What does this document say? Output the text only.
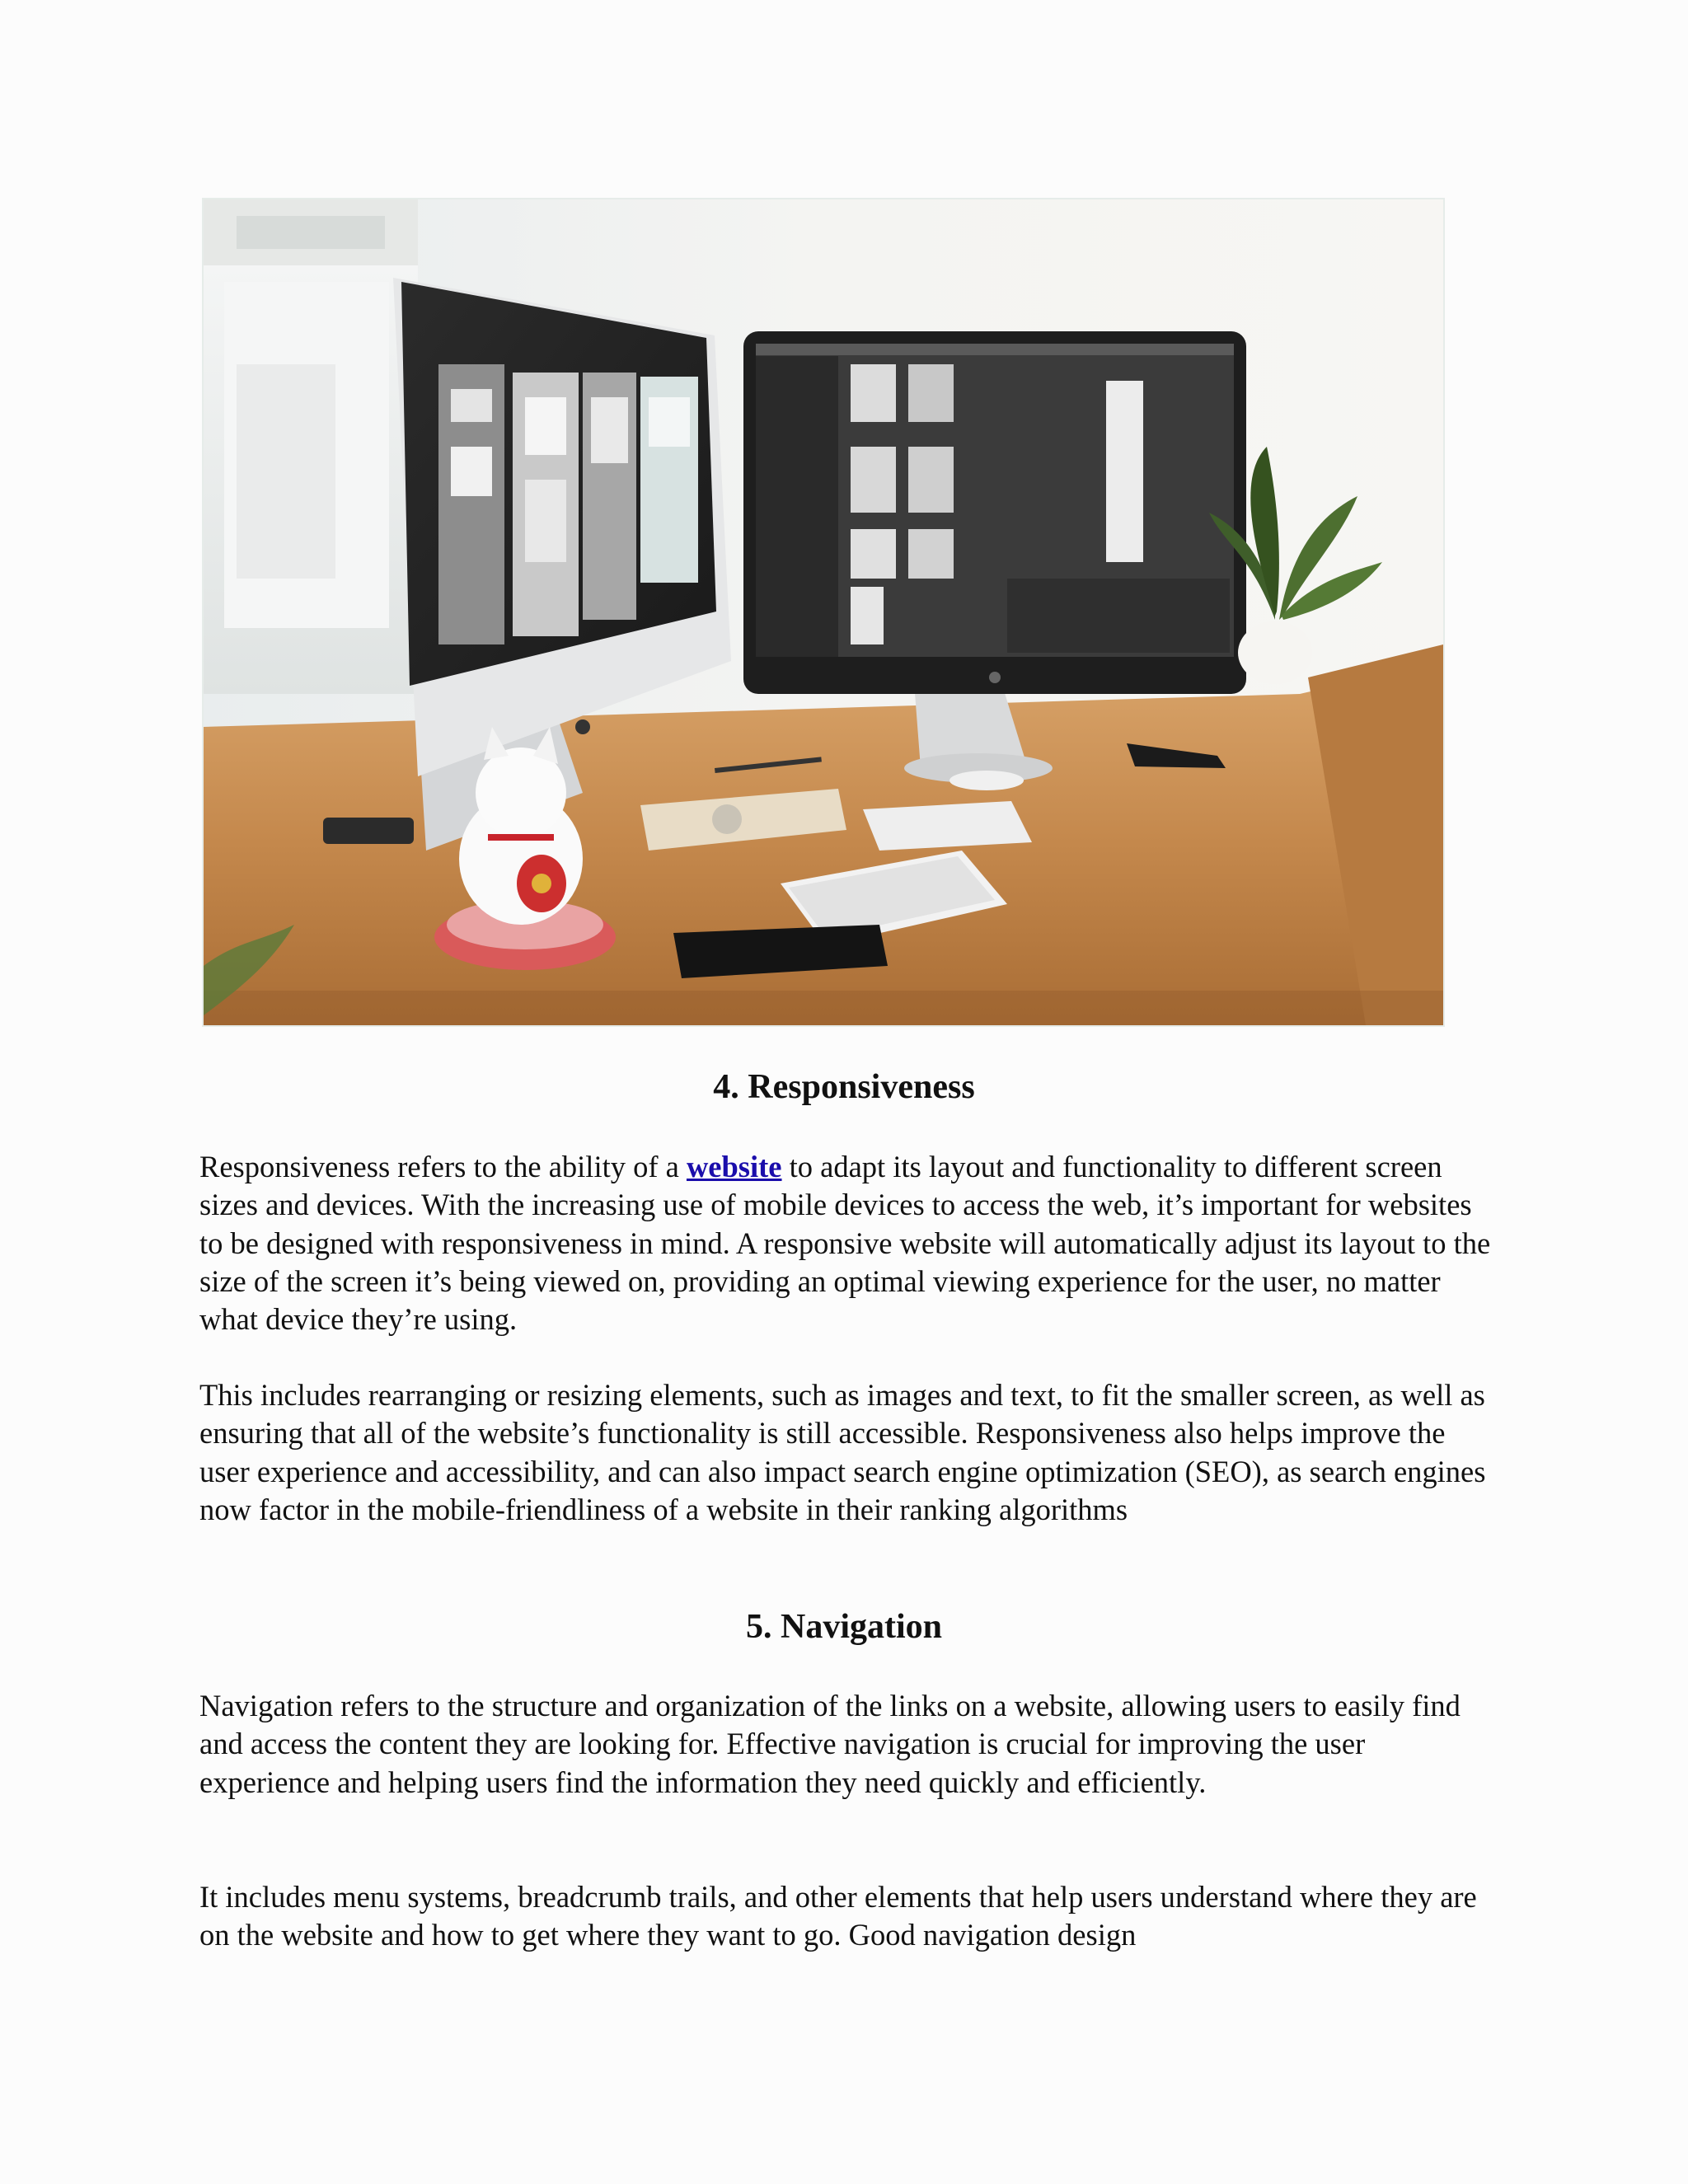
4. Responsiveness

Responsiveness refers to the ability of a website to adapt its layout and functionality to different screen sizes and devices. With the increasing use of mobile devices to access the web, it’s important for websites to be designed with responsiveness in mind. A responsive website will automatically adjust its layout to the size of the screen it’s being viewed on, providing an optimal viewing experience for the user, no matter what device they’re using.

This includes rearranging or resizing elements, such as images and text, to fit the smaller screen, as well as ensuring that all of the website’s functionality is still accessible. Responsiveness also helps improve the user experience and accessibility, and can also impact search engine optimization (SEO), as search engines now factor in the mobile-friendliness of a website in their ranking algorithms

5. Navigation

Navigation refers to the structure and organization of the links on a website, allowing users to easily find and access the content they are looking for. Effective navigation is crucial for improving the user experience and helping users find the information they need quickly and efficiently.

It includes menu systems, breadcrumb trails, and other elements that help users understand where they are on the website and how to get where they want to go. Good navigation design
